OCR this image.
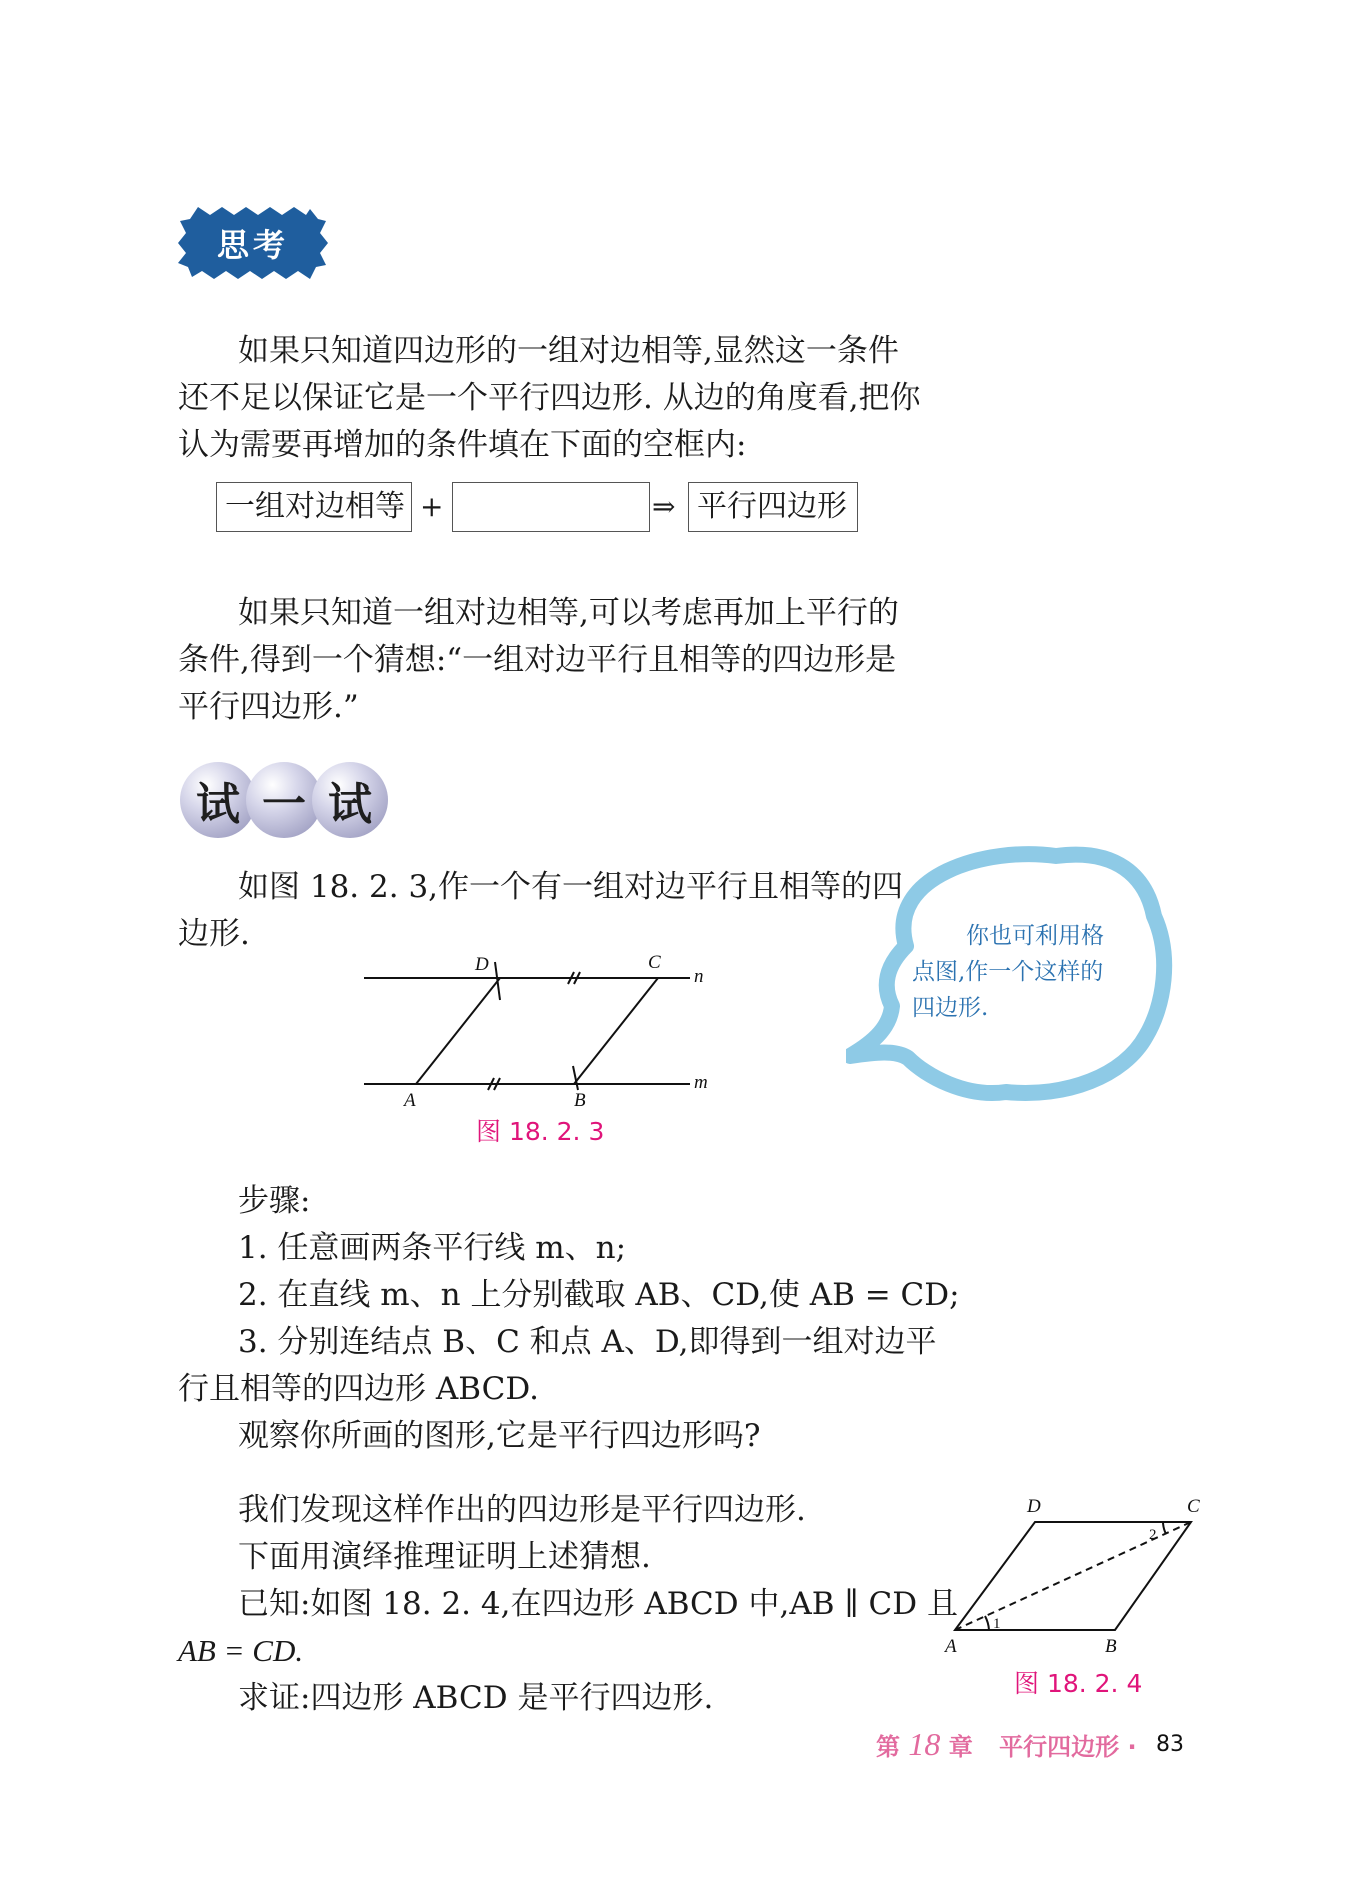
思考
如果只知道四边形的一组对边相等,显然这一条件
还不足以保证它是一个平行四边形. 从边的角度看,把你
认为需要再增加的条件填在下面的空框内:
一组对边相等 +	⇒ 平行四边形
如果只知道一组对边相等,可以考虑再加上平行的
条件,得到一个猜想:“一组对边平行且相等的四边形是
平行四边形.”
试 一 试
如图 18. 2. 3,作一个有一组对边平行且相等的四
边形.	你也可利用格
点图,作一个这样的
四边形.
D	C
n
A	B
m
图 18. 2. 3
步骤:
1. 任意画两条平行线 m、n;
2. 在直线 m、n 上分别截取 AB、CD,使 AB = CD;
3. 分别连结点 B、C 和点 A、D,即得到一组对边平
行且相等的四边形 ABCD.
观察你所画的图形,它是平行四边形吗?
我们发现这样作出的四边形是平行四边形.
下面用演绎推理证明上述猜想.
已知:如图 18. 2. 4,在四边形 ABCD 中,AB ∥ CD 且
AB = CD.
求证:四边形 ABCD 是平行四边形.
D	C
A	B
1
2
图 18. 2. 4
第 18 章 平行四边形 · 83
